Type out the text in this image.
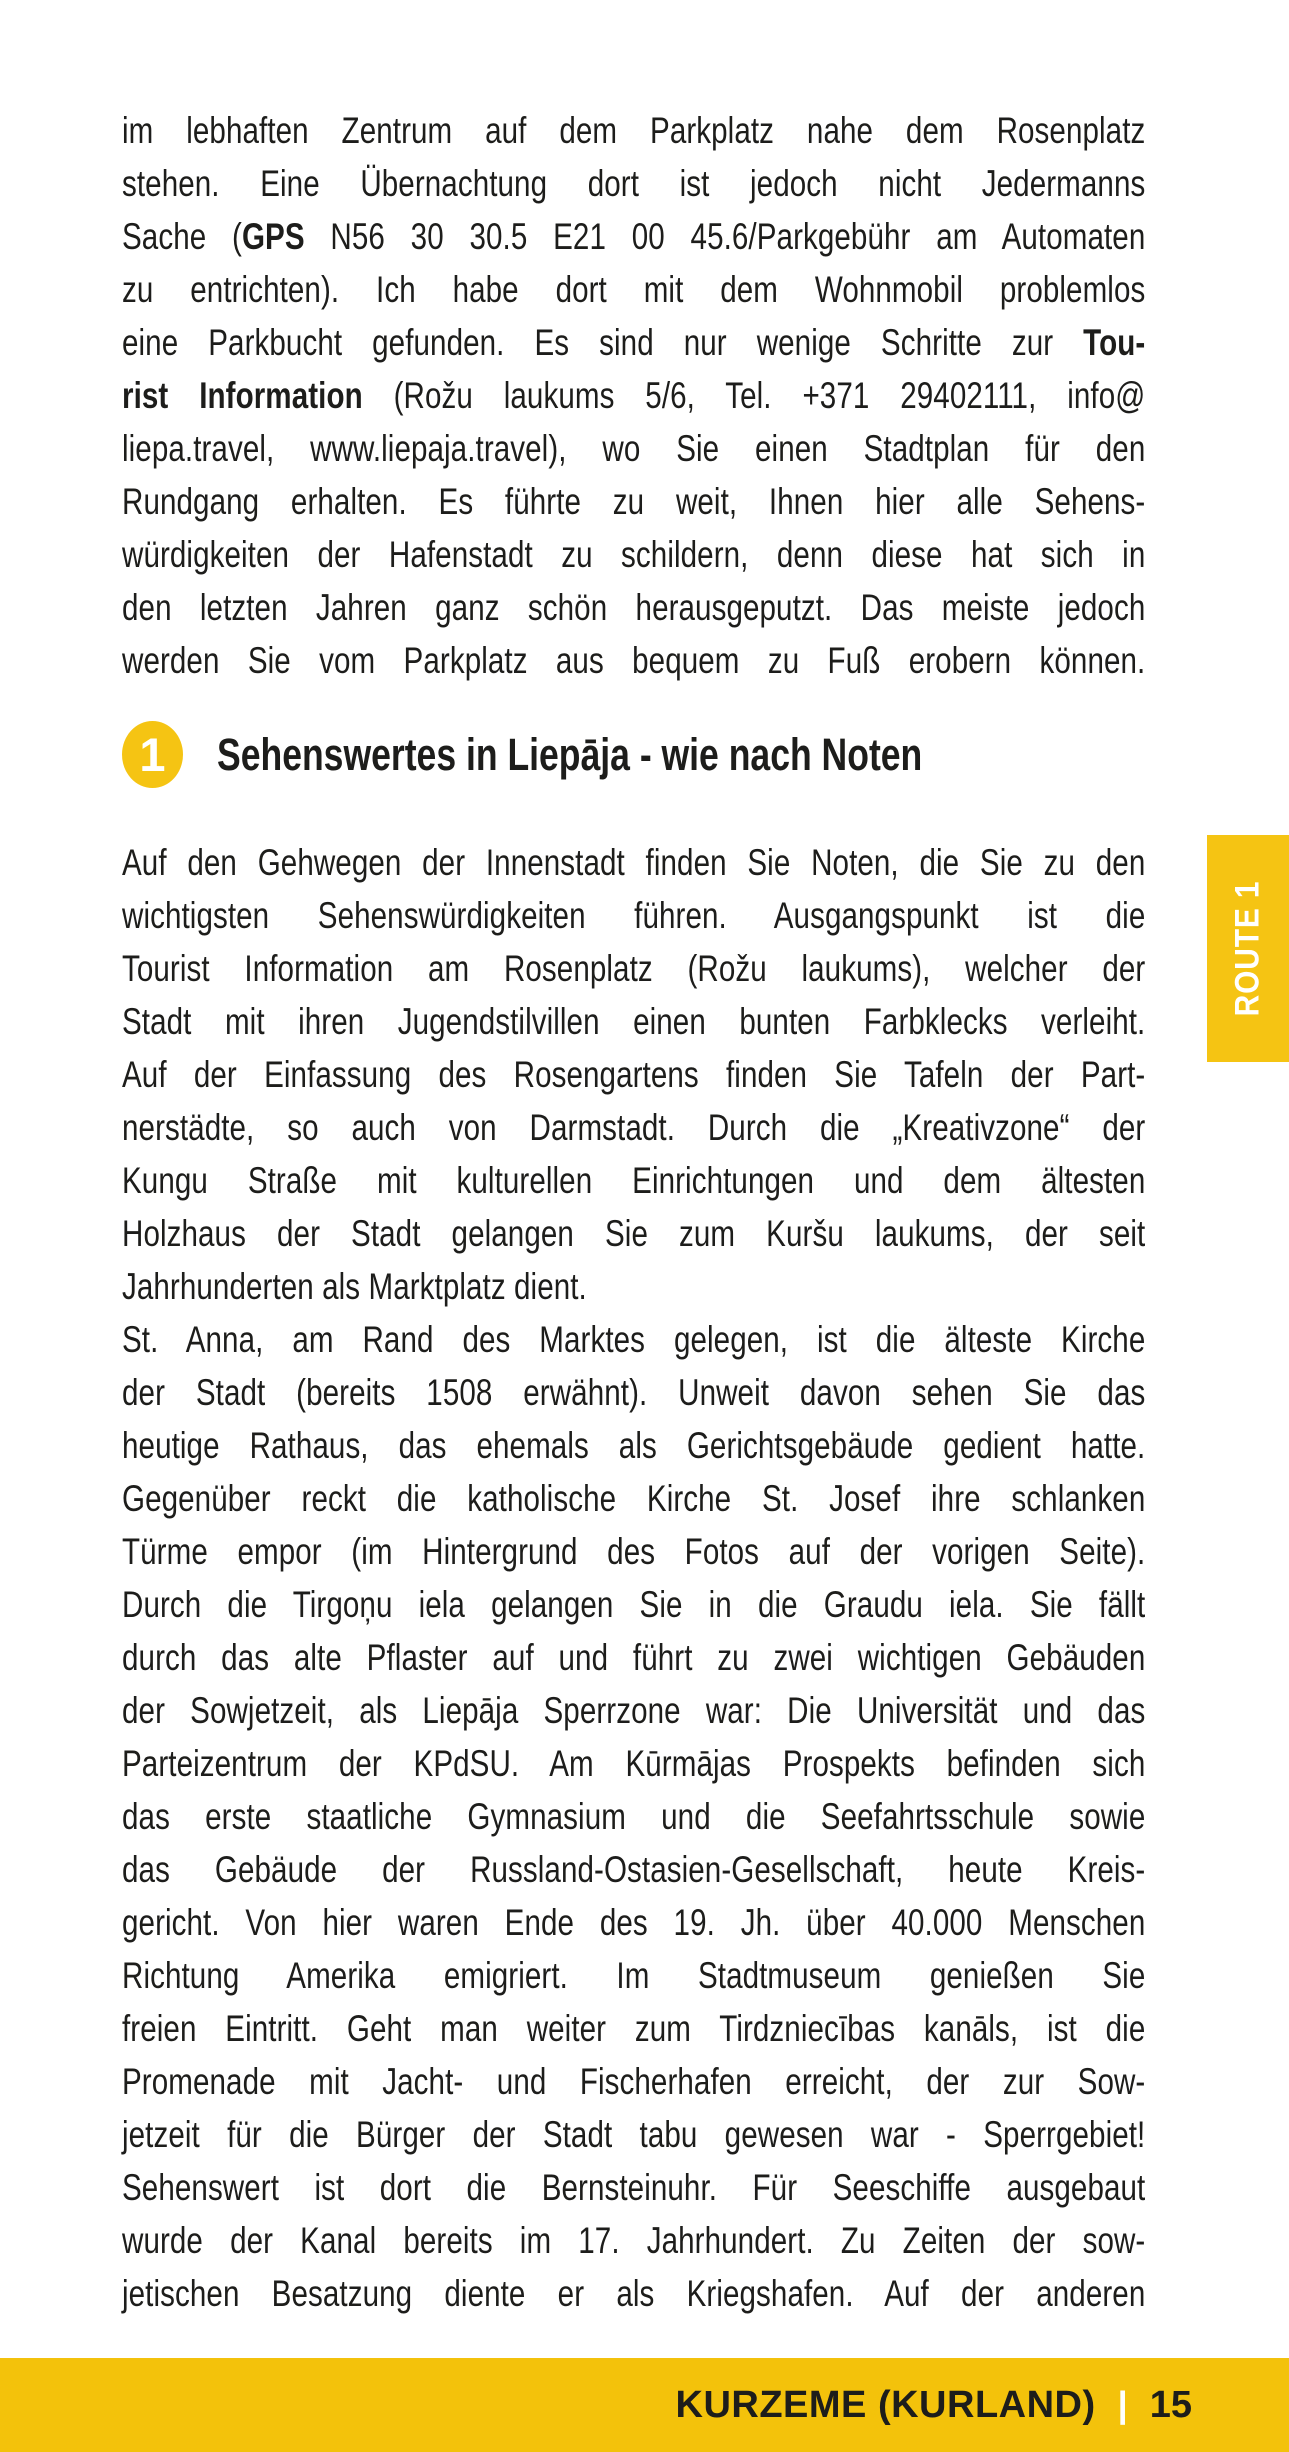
im lebhaften Zentrum auf dem Parkplatz nahe dem Rosenplatz
stehen. Eine Übernachtung dort ist jedoch nicht Jedermanns
Sache (GPS N56 30 30.5 E21 00 45.6/Parkgebühr am Automaten
zu entrichten). Ich habe dort mit dem Wohnmobil problemlos
eine Parkbucht gefunden. Es sind nur wenige Schritte zur Tou-
rist Information (Rožu laukums 5/6, Tel. +371 29402111, info@
liepa.travel, www.liepaja.travel), wo Sie einen Stadtplan für den
Rundgang erhalten. Es führte zu weit, Ihnen hier alle Sehens-
würdigkeiten der Hafenstadt zu schildern, denn diese hat sich in
den letzten Jahren ganz schön herausgeputzt. Das meiste jedoch
werden Sie vom Parkplatz aus bequem zu Fuß erobern können.
1 Sehenswertes in Liepāja - wie nach Noten
Auf den Gehwegen der Innenstadt finden Sie Noten, die Sie zu den
wichtigsten Sehenswürdigkeiten führen. Ausgangspunkt ist die
Tourist Information am Rosenplatz (Rožu laukums), welcher der
Stadt mit ihren Jugendstilvillen einen bunten Farbklecks verleiht.
Auf der Einfassung des Rosengartens finden Sie Tafeln der Part-
nerstädte, so auch von Darmstadt. Durch die „Kreativzone“ der
Kungu Straße mit kulturellen Einrichtungen und dem ältesten
Holzhaus der Stadt gelangen Sie zum Kuršu laukums, der seit
Jahrhunderten als Marktplatz dient.
St. Anna, am Rand des Marktes gelegen, ist die älteste Kirche
der Stadt (bereits 1508 erwähnt). Unweit davon sehen Sie das
heutige Rathaus, das ehemals als Gerichtsgebäude gedient hatte.
Gegenüber reckt die katholische Kirche St. Josef ihre schlanken
Türme empor (im Hintergrund des Fotos auf der vorigen Seite).
Durch die Tirgoņu iela gelangen Sie in die Graudu iela. Sie fällt
durch das alte Pflaster auf und führt zu zwei wichtigen Gebäuden
der Sowjetzeit, als Liepāja Sperrzone war: Die Universität und das
Parteizentrum der KPdSU. Am Kūrmājas Prospekts befinden sich
das erste staatliche Gymnasium und die Seefahrtsschule sowie
das Gebäude der Russland-Ostasien-Gesellschaft, heute Kreis-
gericht. Von hier waren Ende des 19. Jh. über 40.000 Menschen
Richtung Amerika emigriert. Im Stadtmuseum genießen Sie
freien Eintritt. Geht man weiter zum Tirdzniecības kanāls, ist die
Promenade mit Jacht- und Fischerhafen erreicht, der zur Sow-
jetzeit für die Bürger der Stadt tabu gewesen war - Sperrgebiet!
Sehenswert ist dort die Bernsteinuhr. Für Seeschiffe ausgebaut
wurde der Kanal bereits im 17. Jahrhundert. Zu Zeiten der sow-
jetischen Besatzung diente er als Kriegshafen. Auf der anderen
ROUTE 1
KURZEME (KURLAND) | 15
